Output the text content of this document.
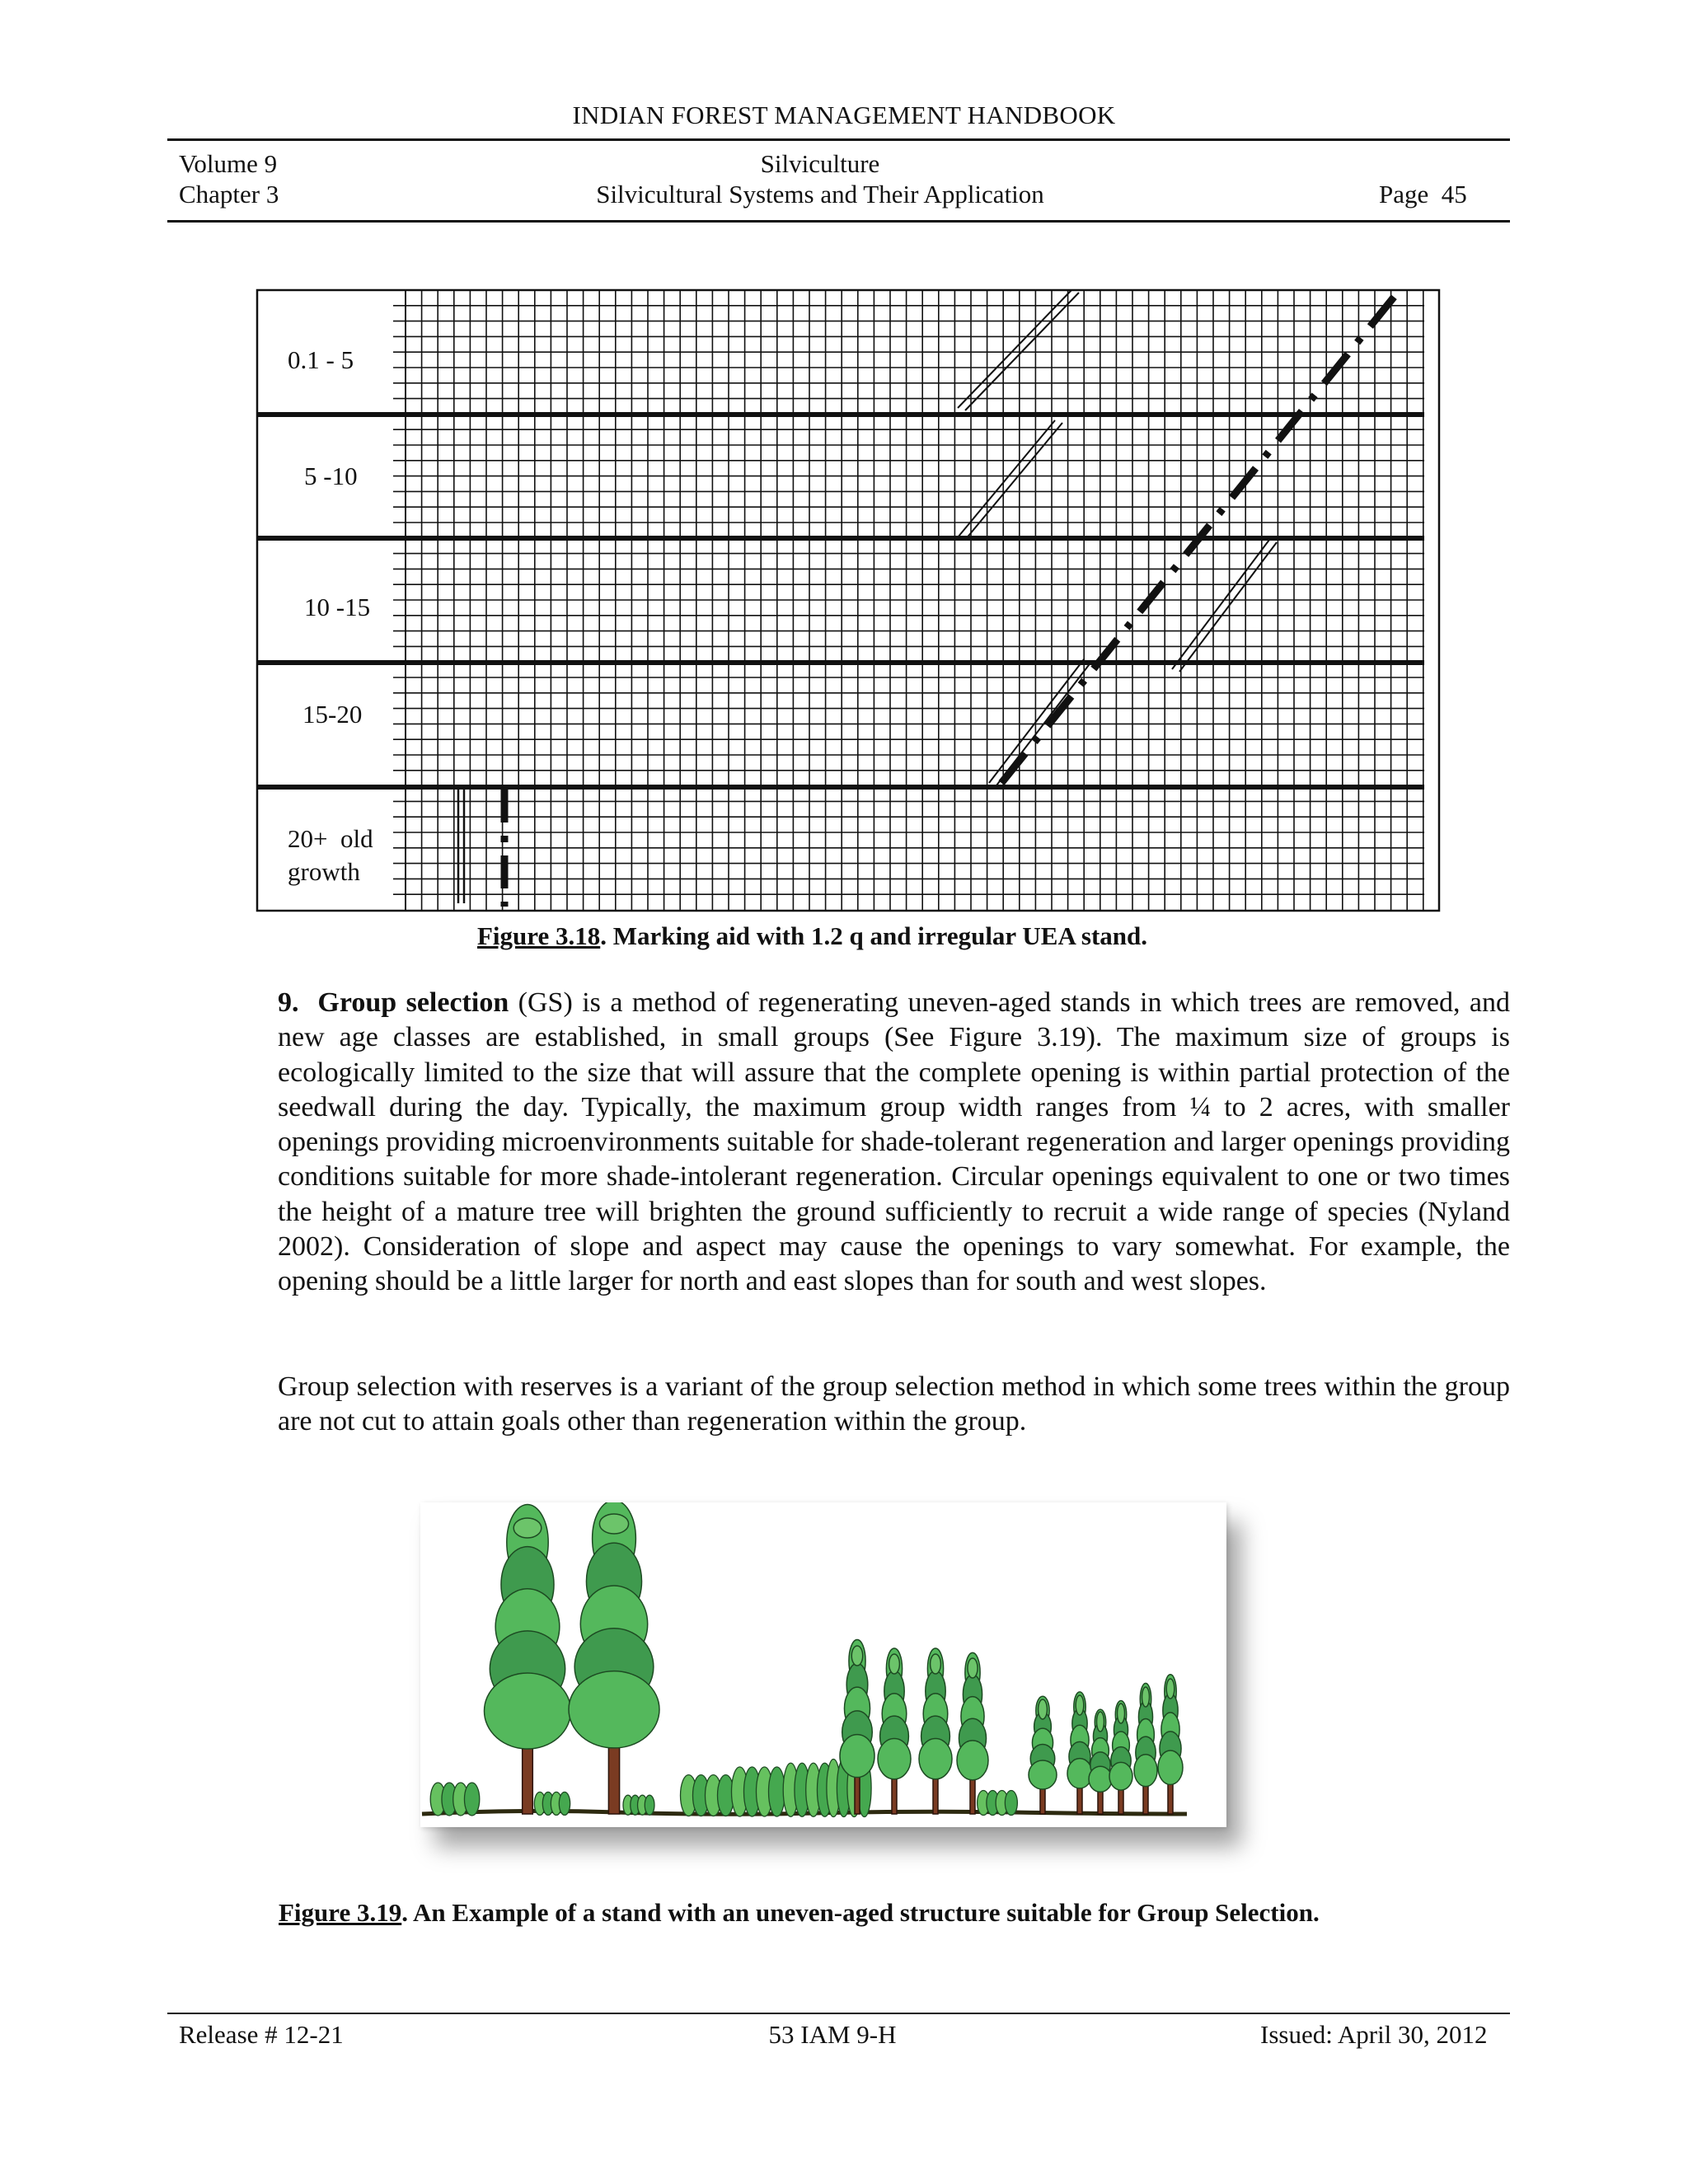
INDIAN FOREST MANAGEMENT HANDBOOK
Volume 9
Chapter 3
Silviculture
Silvicultural Systems and Their Application	Page  45
0.1 - 5
5 -10
10 -15
15-20
20+  old
growth
Figure 3.18. Marking aid with 1.2 q and irregular UEA stand.
9. Group selection (GS) is a method of regenerating uneven-aged stands in which trees are removed, and new age classes are established, in small groups (See Figure 3.19). The maximum size of groups is ecologically limited to the size that will assure that the complete opening is within partial protection of the seedwall during the day. Typically, the maximum group width ranges from ¼ to 2 acres, with smaller openings providing microenvironments suitable for shade-tolerant regeneration and larger openings providing conditions suitable for more shade-intolerant regeneration. Circular openings equivalent to one or two times the height of a mature tree will brighten the ground sufficiently to recruit a wide range of species (Nyland 2002). Consideration of slope and aspect may cause the openings to vary somewhat. For example, the opening should be a little larger for north and east slopes than for south and west slopes.
Group selection with reserves is a variant of the group selection method in which some trees within the group are not cut to attain goals other than regeneration within the group.
Figure 3.19. An Example of a stand with an uneven-aged structure suitable for Group Selection.
Release # 12-21	53 IAM 9-H	Issued: April 30, 2012
